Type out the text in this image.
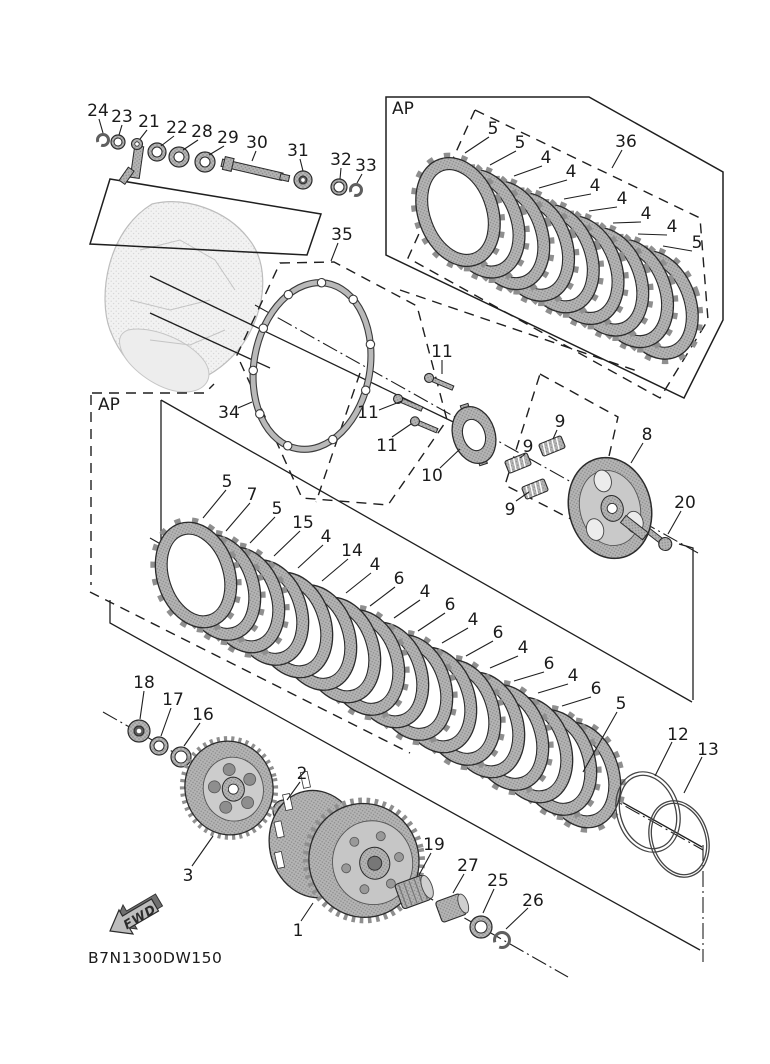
24 23 21 22 28 29 30 31 32 33
35
34
36
5
5
4
4
4
4
4
4
5
11
11
11
10
9
9
9
8
20
5
7
5
15
4
14
4
6
4
6
4
6
4
6
4
6
5
12
13
18
17
16
3
2
1
19
27
25
26
AP
AP
FWD
B7N1300DW150
